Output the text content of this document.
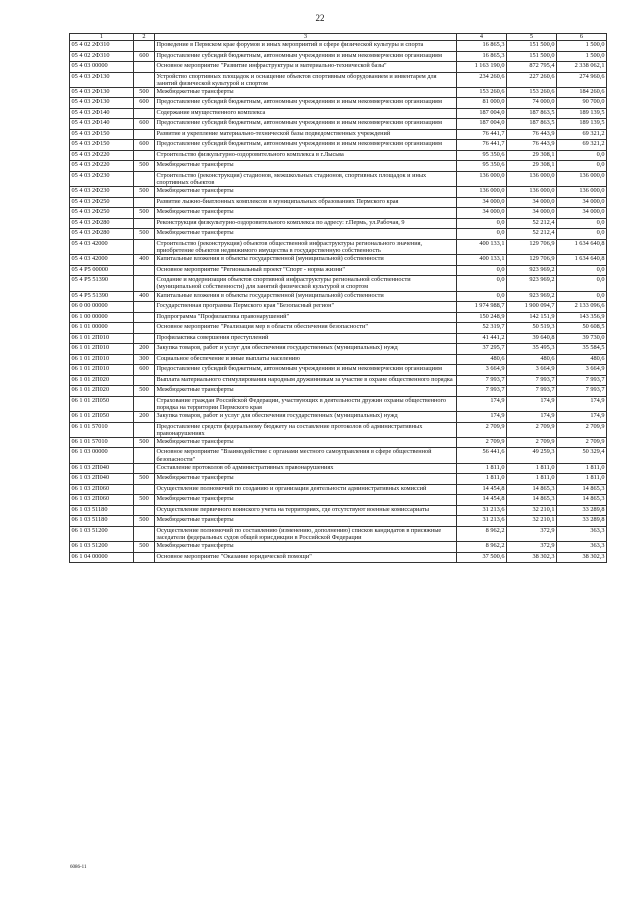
22
1	2	3	4	5	6
05 4 02 2Ф310		Проведение в Пермском крае форумов и иных мероприятий в сфере физической культуры и спорта	16 865,3	151 500,0	1 500,0
05 4 02 2Ф310	600	Предоставление субсидий бюджетным, автономным учреждениям и иным некоммерческим организациям	16 865,3	151 500,0	1 500,0
05 4 03 00000		Основное мероприятие "Развитие инфраструктуры и материально-технической базы"	1 163 190,0	872 795,4	2 338 062,1
05 4 03 2Ф130		Устройство спортивных площадок и оснащение объектов спортивным оборудованием и инвентарем для занятий физической культурой и спортом	234 260,6	227 260,6	274 960,6
05 4 03 2Ф130	500	Межбюджетные трансферты	153 260,6	153 260,6	184 260,6
05 4 03 2Ф130	600	Предоставление субсидий бюджетным, автономным учреждениям и иным некоммерческим организациям	81 000,0	74 000,0	90 700,0
05 4 03 2Ф140		Содержание имущественного комплекса	187 004,0	187 863,5	189 139,5
05 4 03 2Ф140	600	Предоставление субсидий бюджетным, автономным учреждениям и иным некоммерческим организациям	187 004,0	187 863,5	189 139,5
05 4 03 2Ф150		Развитие и укрепление материально-технической базы подведомственных учреждений	76 441,7	76 443,9	69 321,2
05 4 03 2Ф150	600	Предоставление субсидий бюджетным, автономным учреждениям и иным некоммерческим организациям	76 441,7	76 443,9	69 321,2
05 4 03 2Ф220		Строительство физкультурно-оздоровительного комплекса в г.Лысьва	95 350,6	29 308,1	0,0
05 4 03 2Ф220	500	Межбюджетные трансферты	95 350,6	29 308,1	0,0
05 4 03 2Ф230		Строительство (реконструкция) стадионов, межшкольных стадионов, спортивных площадок и иных спортивных объектов	136 000,0	136 000,0	136 000,0
05 4 03 2Ф230	500	Межбюджетные трансферты	136 000,0	136 000,0	136 000,0
05 4 03 2Ф250		Развитие лыжно-биатлонных комплексов в муниципальных образованиях Пермского края	34 000,0	34 000,0	34 000,0
05 4 03 2Ф250	500	Межбюджетные трансферты	34 000,0	34 000,0	34 000,0
05 4 03 2Ф280		Реконструкция физкультурно-оздоровительного комплекса по адресу: г.Пермь, ул.Рабочая, 9	0,0	52 212,4	0,0
05 4 03 2Ф280	500	Межбюджетные трансферты	0,0	52 212,4	0,0
05 4 03 42000		Строительство (реконструкция) объектов общественной инфраструктуры регионального значения, приобретение объектов недвижимого имущества в государственную собственность	400 133,1	129 706,9	1 634 640,8
05 4 03 42000	400	Капитальные вложения в объекты государственной (муниципальной) собственности	400 133,1	129 706,9	1 634 640,8
05 4 P5 00000		Основное мероприятие "Региональный проект "Спорт - норма жизни"	0,0	923 969,2	0,0
05 4 P5 51390		Создание и модернизация объектов спортивной инфраструктуры региональной собственности (муниципальной собственности) для занятий физической культурой и спортом	0,0	923 969,2	0,0
05 4 P5 51390	400	Капитальные вложения в объекты государственной (муниципальной) собственности	0,0	923 969,2	0,0
06 0 00 00000		Государственная программа Пермского края "Безопасный регион"	1 974 988,7	1 900 094,7	2 133 096,6
06 1 00 00000		Подпрограмма "Профилактика правонарушений"	150 248,9	142 151,9	143 356,9
06 1 01 00000		Основное мероприятие "Реализация мер в области обеспечения безопасности"	52 319,7	50 519,3	50 608,5
06 1 01 2П010		Профилактика совершения преступлений	41 441,2	39 640,8	39 730,0
06 1 01 2П010	200	Закупка товаров, работ и услуг для обеспечения государственных (муниципальных) нужд	37 295,7	35 495,3	35 584,5
06 1 01 2П010	300	Социальное обеспечение и иные выплаты населению	480,6	480,6	480,6
06 1 01 2П010	600	Предоставление субсидий бюджетным, автономным учреждениям и иным некоммерческим организациям	3 664,9	3 664,9	3 664,9
06 1 01 2П020		Выплата материального стимулирования народным дружинникам за участие в охране общественного порядка	7 993,7	7 993,7	7 993,7
06 1 01 2П020	500	Межбюджетные трансферты	7 993,7	7 993,7	7 993,7
06 1 01 2П050		Страхование граждан Российской Федерации, участвующих в деятельности дружин охраны общественного порядка на территории Пермского края	174,9	174,9	174,9
06 1 01 2П050	200	Закупка товаров, работ и услуг для обеспечения государственных (муниципальных) нужд	174,9	174,9	174,9
06 1 01 57010		Предоставление средств федеральному бюджету на составление протоколов об административных правонарушениях	2 709,9	2 709,9	2 709,9
06 1 01 57010	500	Межбюджетные трансферты	2 709,9	2 709,9	2 709,9
06 1 03 00000		Основное мероприятие "Взаимодействие с органами местного самоуправления в сфере общественной безопасности"	56 441,6	49 259,3	50 329,4
06 1 03 2П040		Составление протоколов об административных правонарушениях	1 811,0	1 811,0	1 811,0
06 1 03 2П040	500	Межбюджетные трансферты	1 811,0	1 811,0	1 811,0
06 1 03 2П060		Осуществление полномочий по созданию и организации деятельности административных комиссий	14 454,8	14 865,3	14 865,3
06 1 03 2П060	500	Межбюджетные трансферты	14 454,8	14 865,3	14 865,3
06 1 03 51180		Осуществление первичного воинского учета на территориях, где отсутствуют военные комиссариаты	31 213,6	32 210,1	33 289,8
06 1 03 51180	500	Межбюджетные трансферты	31 213,6	32 210,1	33 289,8
06 1 03 51200		Осуществление полномочий по составлению (изменению, дополнению) списков кандидатов в присяжные заседатели федеральных судов общей юрисдикции в Российской Федерации	8 962,2	372,9	363,3
06 1 03 51200	500	Межбюджетные трансферты	8 962,2	372,9	363,3
06 1 04 00000		Основное мероприятие "Оказание юридической помощи"	37 500,6	38 302,3	38 302,3
6086-11
